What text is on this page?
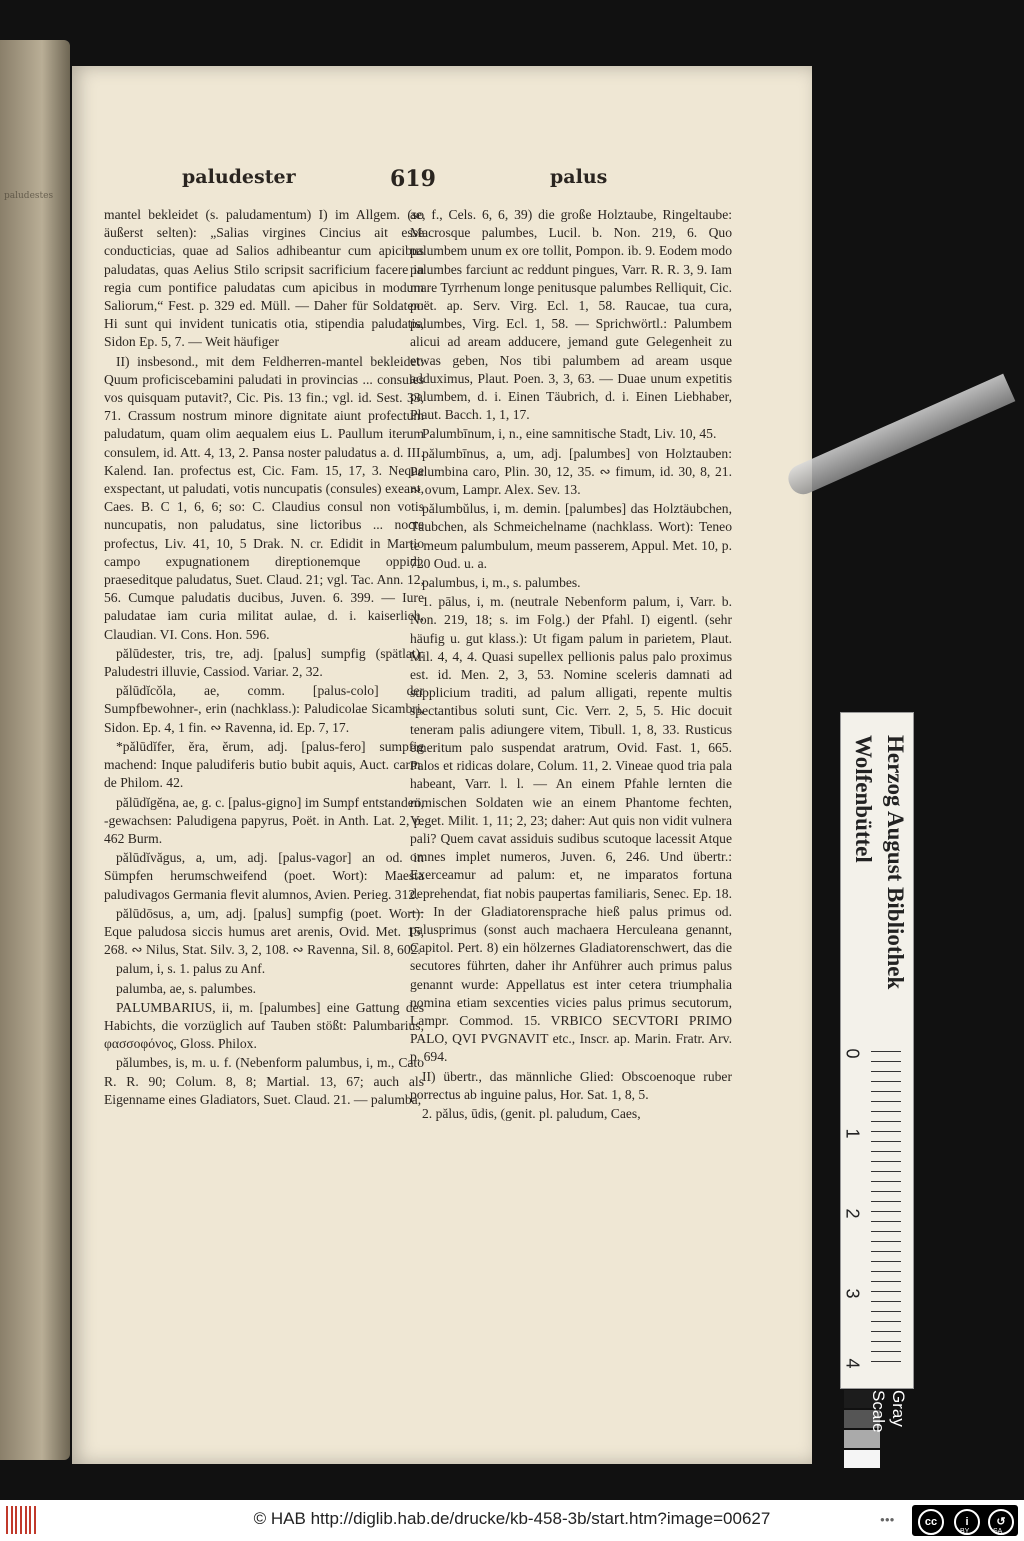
paludestes
paludester	619	palus

mantel bekleidet (s. paludamentum) I) im Allgem. (so äußerst selten): „Salias virgines Cincius ait esse conducticias, quae ad Salios adhibeantur cum apicibus paludatas, quas Aelius Stilo scripsit sacrificium facere in regia cum pontifice paludatas cum apicibus in modum Saliorum,“ Fest. p. 329 ed. Müll. — Daher für Soldaten: Hi sunt qui invident tunicatis otia, stipendia paludatis, Sidon Ep. 5, 7. — Weit häufiger

II) insbesond., mit dem Feldherren-mantel bekleidet: Quum proficiscebamini paludati in provincias ... consules vos quisquam putavit?, Cic. Pis. 13 fin.; vgl. id. Sest. 33, 71. Crassum nostrum minore dignitate aiunt profectum paludatum, quam olim aequalem eius L. Paullum iterum consulem, id. Att. 4, 13, 2. Pansa noster paludatus a. d. III. Kalend. Ian. profectus est, Cic. Fam. 15, 17, 3. Neque exspectant, ut paludati, votis nuncupatis (consules) exeant, Caes. B. C 1, 6, 6; so: C. Claudius consul non votis nuncupatis, non paludatus, sine lictoribus ... nocte profectus, Liv. 41, 10, 5 Drak. N. cr. Edidit in Martio campo expugnationem direptionemque oppidi, praeseditque paludatus, Suet. Claud. 21; vgl. Tac. Ann. 12, 56. Cumque paludatis ducibus, Juven. 6. 399. — Iure paludatae iam curia militat aulae, d. i. kaiserlich, Claudian. VI. Cons. Hon. 596.

pălūdester, tris, tre, adj. [palus] sumpfig (spätlat): Paludestri illuvie, Cassiod. Variar. 2, 32.

pălūdĭcŏla, ae, comm. [palus-colo] der Sumpfbewohner-, erin (nachklass.): Paludicolae Sicambri, Sidon. Ep. 4, 1 fin. ∾ Ravenna, id. Ep. 7, 17.

*pălūdĭfer, ĕra, ĕrum, adj. [palus-fero] sumpfig machend: Inque paludiferis butio bubit aquis, Auct. carm. de Philom. 42.

pălūdĭgĕna, ae, g. c. [palus-gigno] im Sumpf entstanden, -gewachsen: Paludigena papyrus, Poët. in Anth. Lat. 2, p. 462 Burm.

pălūdĭvăgus, a, um, adj. [palus-vagor] an od. in Sümpfen herumschweifend (poet. Wort): Maesta paludivagos Germania flevit alumnos, Avien. Perieg. 312.

pălūdōsus, a, um, adj. [palus] sumpfig (poet. Wort): Eque paludosa siccis humus aret arenis, Ovid. Met. 15, 268. ∾ Nilus, Stat. Silv. 3, 2, 108. ∾ Ravenna, Sil. 8, 602.

palum, i, s. 1. palus zu Anf.

palumba, ae, s. palumbes.

PALUMBARIUS, ii, m. [palumbes] eine Gattung des Habichts, die vorzüglich auf Tauben stößt: Palumbarius, φασσοφόνος, Gloss. Philox.

pălumbes, is, m. u. f. (Nebenform palumbus, i, m., Cato R. R. 90; Colum. 8, 8; Martial. 13, 67; auch als Eigenname eines Gladiators, Suet. Claud. 21. — palumba,

ae, f., Cels. 6, 6, 39) die große Holztaube, Ringeltaube: Macrosque palumbes, Lucil. b. Non. 219, 6. Quo palumbem unum ex ore tollit, Pompon. ib. 9. Eodem modo palumbes farciunt ac reddunt pingues, Varr. R. R. 3, 9. Iam mare Tyrrhenum longe penitusque palumbes Relliquit, Cic. poët. ap. Serv. Virg. Ecl. 1, 58. Raucae, tua cura, palumbes, Virg. Ecl. 1, 58. — Sprichwörtl.: Palumbem alicui ad aream adducere, jemand gute Gelegenheit zu etwas geben, Nos tibi palumbem ad aream usque adduximus, Plaut. Poen. 3, 3, 63. — Duae unum expetitis palumbem, d. i. Einen Täubrich, d. i. Einen Liebhaber, Plaut. Bacch. 1, 1, 17.

Palumbīnum, i, n., eine samnitische Stadt, Liv. 10, 45.

pălumbīnus, a, um, adj. [palumbes] von Holztauben: Palumbina caro, Plin. 30, 12, 35. ∾ fimum, id. 30, 8, 21. ∾ ovum, Lampr. Alex. Sev. 13.

pălumbŭlus, i, m. demin. [palumbes] das Holztäubchen, Täubchen, als Schmeichelname (nachklass. Wort): Teneo te meum palumbulum, meum passerem, Appul. Met. 10, p. 720 Oud. u. a.

palumbus, i, m., s. palumbes.

1. pālus, i, m. (neutrale Nebenform palum, i, Varr. b. Non. 219, 18; s. im Folg.) der Pfahl. I) eigentl. (sehr häufig u. gut klass.): Ut figam palum in parietem, Plaut. Mil. 4, 4, 4. Quasi supellex pellionis palus palo proximus est. id. Men. 2, 3, 53. Nomine sceleris damnati ad supplicium traditi, ad palum alligati, repente multis spectantibus soluti sunt, Cic. Verr. 2, 5, 5. Hic docuit teneram palis adiungere vitem, Tibull. 1, 8, 33. Rusticus emeritum palo suspendat aratrum, Ovid. Fast. 1, 665. Palos et ridicas dolare, Colum. 11, 2. Vineae quod tria pala habeant, Varr. l. l. — An einem Pfahle lernten die römischen Soldaten wie an einem Phantome fechten, Veget. Milit. 1, 11; 2, 23; daher: Aut quis non vidit vulnera pali? Quem cavat assiduis sudibus scutoque lacessit Atque omnes implet numeros, Juven. 6, 246. Und übertr.: Exerceamur ad palum: et, ne imparatos fortuna deprehendat, fiat nobis paupertas familiaris, Senec. Ep. 18. — In der Gladiatorensprache hieß palus primus od. palusprimus (sonst auch machaera Herculeana genannt, Capitol. Pert. 8) ein hölzernes Gladiatorenschwert, das die secutores führten, daher ihr Anführer auch primus palus genannt wurde: Appellatus est inter cetera triumphalia nomina etiam sexcenties vicies palus primus secutorum, Lampr. Commod. 15. VRBICO SECVTORI PRIMO PALO, QVI PVGNAVIT etc., Inscr. ap. Marin. Fratr. Arv. p. 694.

II) übertr., das männliche Glied: Obscoenoque ruber porrectus ab inguine palus, Hor. Sat. 1, 8, 5.

2. pălus, ūdis, (genit. pl. paludum, Caes,

Herzog August Bibliothek Wolfenbüttel
0
1
2
3
4
Gray Scale
© HAB http://diglib.hab.de/drucke/kb-458-3b/start.htm?image=00627	●●●	cc	i	↺
BY	SA
